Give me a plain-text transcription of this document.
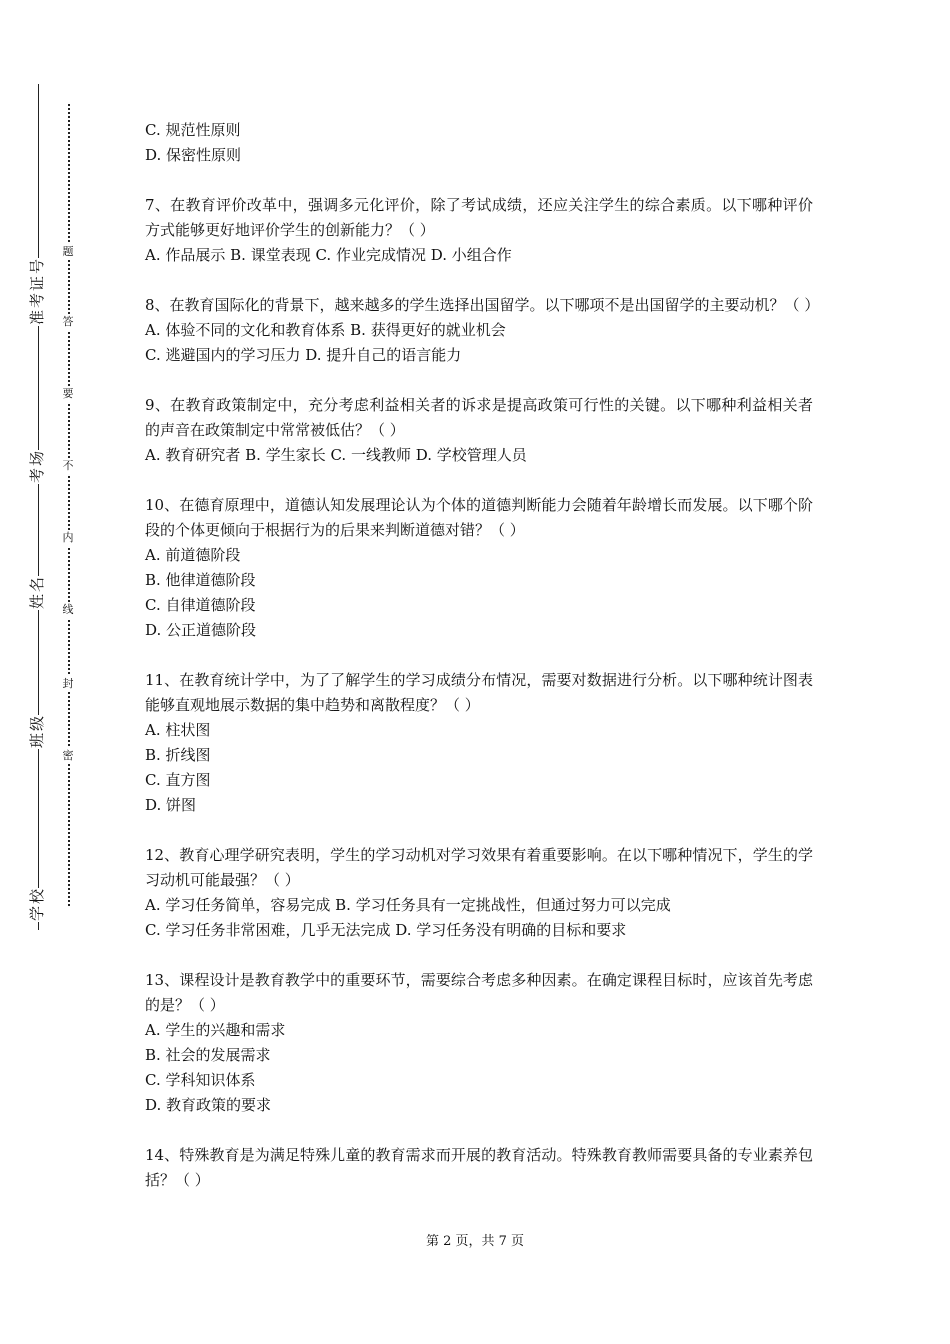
号
证
考
准
场
考
名
姓
级
班
校
学
题
答
要
不
内
线
封
密

C. 规范性原则

D. 保密性原则

7、在教育评价改革中，强调多元化评价，除了考试成绩，还应关注学生的综合素质。以下哪种评价方式能够更好地评价学生的创新能力？（ ）

A. 作品展示 B. 课堂表现 C. 作业完成情况 D. 小组合作

8、在教育国际化的背景下，越来越多的学生选择出国留学。以下哪项不是出国留学的主要动机？（ ）

A. 体验不同的文化和教育体系 B. 获得更好的就业机会

C. 逃避国内的学习压力 D. 提升自己的语言能力

9、在教育政策制定中，充分考虑利益相关者的诉求是提高政策可行性的关键。以下哪种利益相关者的声音在政策制定中常常被低估？（ ）

A. 教育研究者 B. 学生家长 C. 一线教师 D. 学校管理人员

10、在德育原理中，道德认知发展理论认为个体的道德判断能力会随着年龄增长而发展。以下哪个阶段的个体更倾向于根据行为的后果来判断道德对错？（ ）

A. 前道德阶段

B. 他律道德阶段

C. 自律道德阶段

D. 公正道德阶段

11、在教育统计学中，为了了解学生的学习成绩分布情况，需要对数据进行分析。以下哪种统计图表能够直观地展示数据的集中趋势和离散程度？（ ）

A. 柱状图

B. 折线图

C. 直方图

D. 饼图

12、教育心理学研究表明，学生的学习动机对学习效果有着重要影响。在以下哪种情况下，学生的学习动机可能最强？（ ）

A. 学习任务简单，容易完成 B. 学习任务具有一定挑战性，但通过努力可以完成

C. 学习任务非常困难，几乎无法完成 D. 学习任务没有明确的目标和要求

13、课程设计是教育教学中的重要环节，需要综合考虑多种因素。在确定课程目标时，应该首先考虑的是？（ ）

A. 学生的兴趣和需求

B. 社会的发展需求

C. 学科知识体系

D. 教育政策的要求

14、特殊教育是为满足特殊儿童的教育需求而开展的教育活动。特殊教育教师需要具备的专业素养包括？（ ）

第 2 页，共 7 页
